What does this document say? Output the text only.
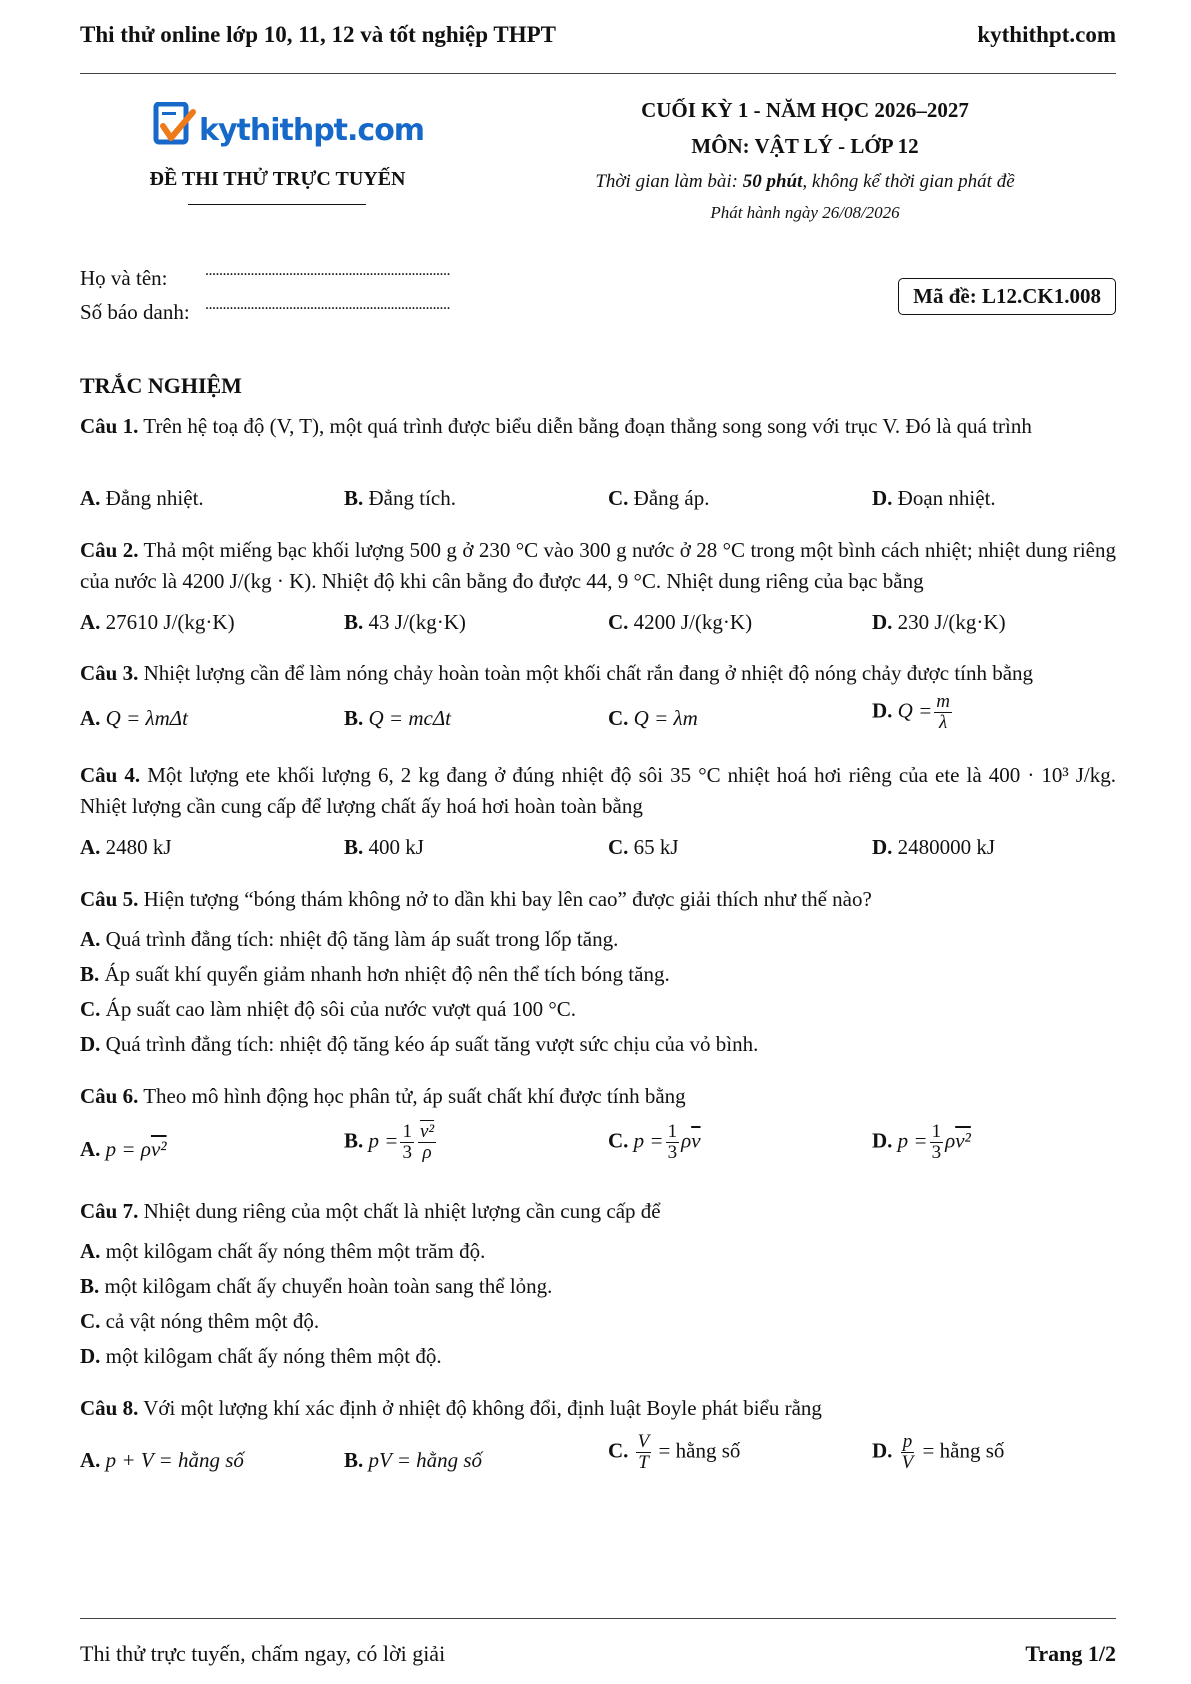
Thi thử online lớp 10, 11, 12 và tốt nghiệp THPT	kythithpt.com
kythi thpt.com
ĐỀ THI THỬ TRỰC TUYẾN
CUỐI KỲ 1 - NĂM HỌC 2026–2027
MÔN: VẬT LÝ - LỚP 12
Thời gian làm bài: 50 phút, không kể thời gian phát đề
Phát hành ngày 26/08/2026
Họ và tên: ......................................................................
Số báo danh: ......................................................................	Mã đề: L12.CK1.008
TRẮC NGHIỆM
Câu 1. Trên hệ toạ độ (V, T), một quá trình được biểu diễn bằng đoạn thẳng song song với trục V. Đó là quá trình
A. Đẳng nhiệt.	B. Đẳng tích.	C. Đẳng áp.	D. Đoạn nhiệt.
Câu 2. Thả một miếng bạc khối lượng 500 g ở 230 °C vào 300 g nước ở 28 °C trong một bình cách nhiệt; nhiệt dung riêng của nước là 4200 J/(kg · K). Nhiệt độ khi cân bằng đo được 44, 9 °C. Nhiệt dung riêng của bạc bằng
A. 27610 J/(kg·K)	B. 43 J/(kg·K)	C. 4200 J/(kg·K)	D. 230 J/(kg·K)
Câu 3. Nhiệt lượng cần để làm nóng chảy hoàn toàn một khối chất rắn đang ở nhiệt độ nóng chảy được tính bằng
A. Q = λmΔt	B. Q = mcΔt	C. Q = λm	D. $Q = \frac{m}{\lambda}$
Câu 4. Một lượng ete khối lượng 6, 2 kg đang ở đúng nhiệt độ sôi 35 °C nhiệt hoá hơi riêng của ete là 400 · 10³ J/kg. Nhiệt lượng cần cung cấp để lượng chất ấy hoá hơi hoàn toàn bằng
A. 2480 kJ	B. 400 kJ	C. 65 kJ	D. 2480000 kJ
Câu 5. Hiện tượng “bóng thám không nở to dần khi bay lên cao” được giải thích như thế nào?
A. Quá trình đẳng tích: nhiệt độ tăng làm áp suất trong lốp tăng.
B. Áp suất khí quyển giảm nhanh hơn nhiệt độ nên thể tích bóng tăng.
C. Áp suất cao làm nhiệt độ sôi của nước vượt quá 100 °C.
D. Quá trình đẳng tích: nhiệt độ tăng kéo áp suất tăng vượt sức chịu của vỏ bình.
Câu 6. Theo mô hình động học phân tử, áp suất chất khí được tính bằng
A. p = ρv²	B. $p = \frac{1}{3} \frac{\text{v²}}{\rho}$	C. $p = \frac{1}{3} \rho\overline{v}$	D. $p = \frac{1}{3} \rho v^2$
Câu 7. Nhiệt dung riêng của một chất là nhiệt lượng cần cung cấp để
A. một kilôgam chất ấy nóng thêm một trăm độ.
B. một kilôgam chất ấy chuyển hoàn toàn sang thể lỏng.
C. cả vật nóng thêm một độ.
D. một kilôgam chất ấy nóng thêm một độ.
Câu 8. Với một lượng khí xác định ở nhiệt độ không đổi, định luật Boyle phát biểu rằng
A. p + V = hằng số	B. pV = hằng số	C. $\frac{V}{T}$ = hằng số	D. $\frac{p}{V}$ = hằng số
Thi thử trực tuyến, chấm ngay, có lời giải	Trang 1/2
